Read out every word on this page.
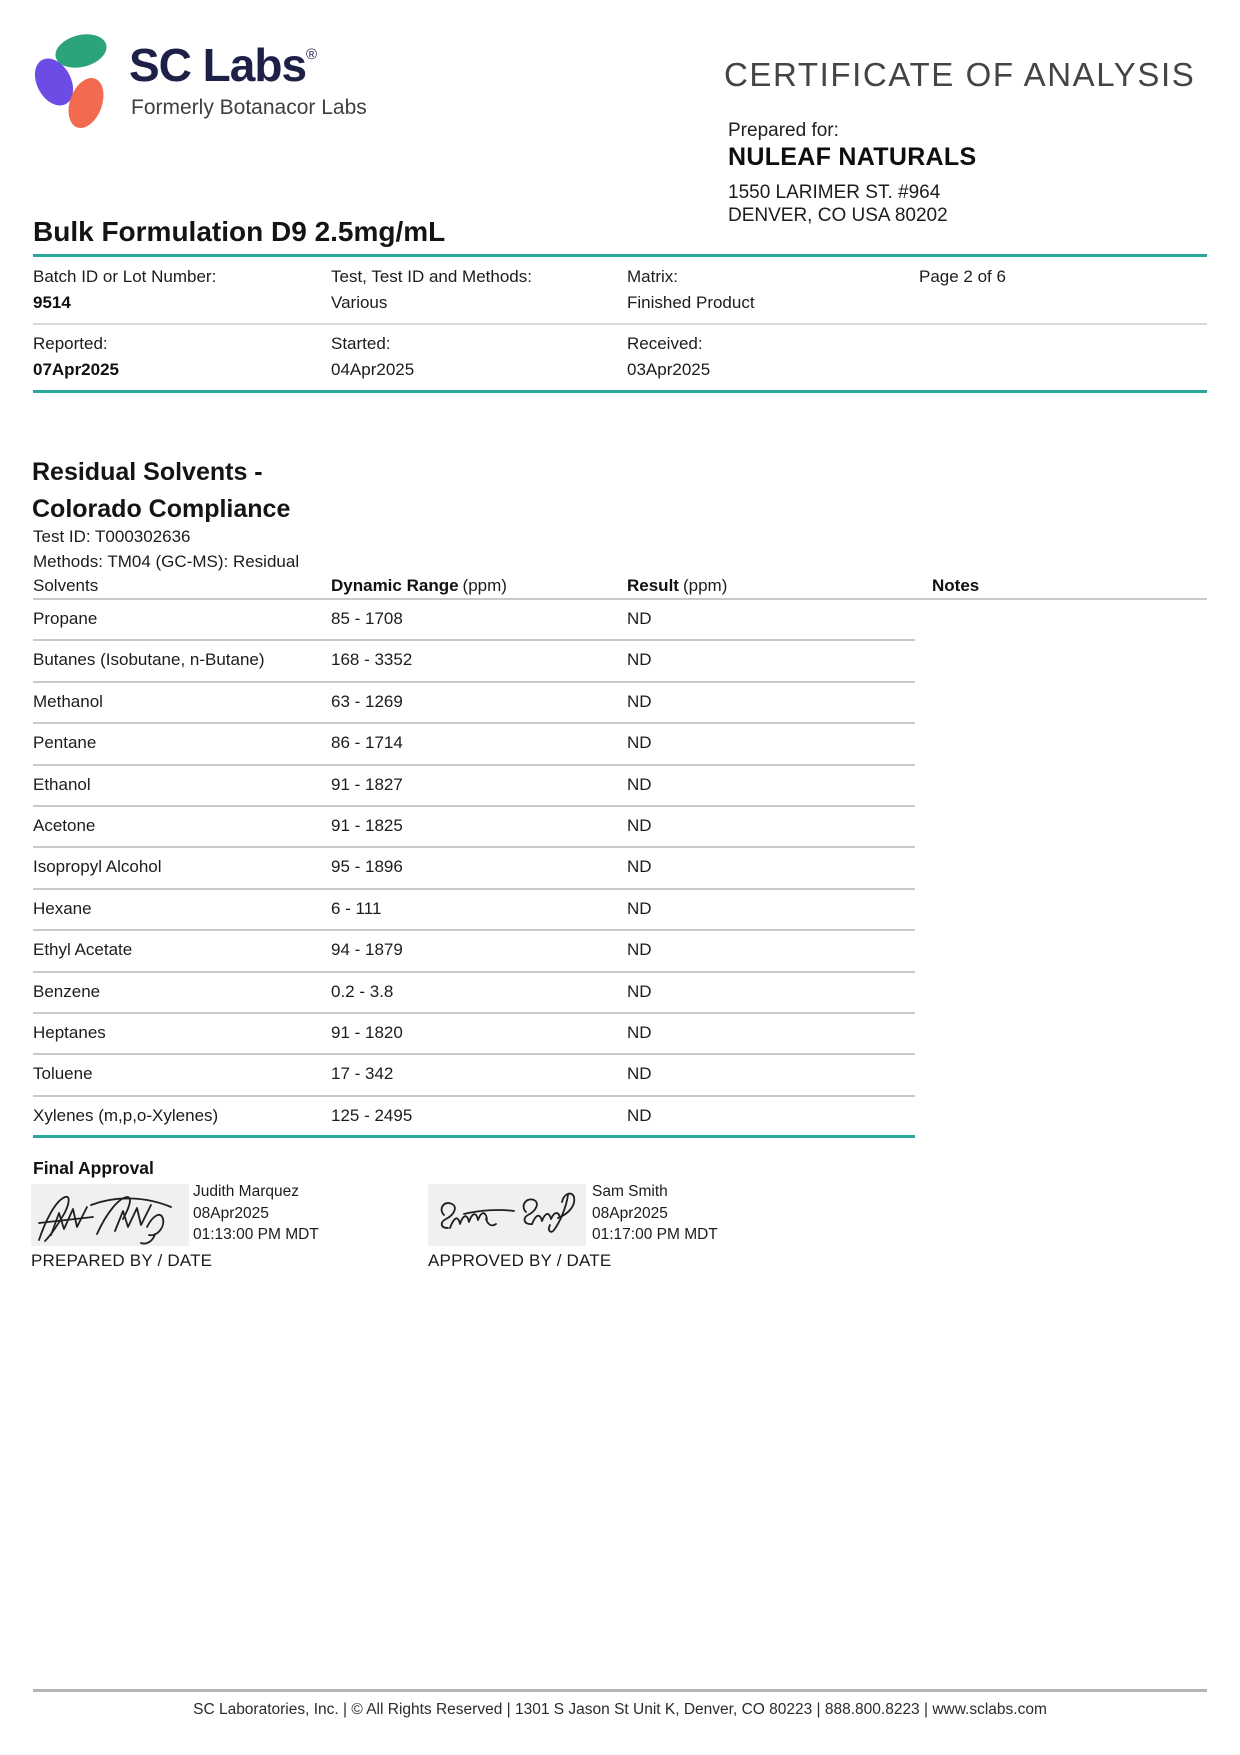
SC Labs®
Formerly Botanacor Labs
CERTIFICATE OF ANALYSIS
Prepared for:
NULEAF NATURALS
1550 LARIMER ST. #964
DENVER, CO USA 80202
Bulk Formulation D9 2.5mg/mL
Batch ID or Lot Number:
9514
Test, Test ID and Methods:
Various
Matrix:
Finished Product
Page 2 of 6
Reported:
07Apr2025
Started:
04Apr2025
Received:
03Apr2025
Residual Solvents -
Colorado Compliance
Test ID: T000302636
Methods: TM04 (GC-MS): Residual
Solvents	Dynamic Range (ppm)	Result (ppm)	Notes
Propane	85 - 1708	ND
Butanes (Isobutane, n-Butane)	168 - 3352	ND
Methanol	63 - 1269	ND
Pentane	86 - 1714	ND
Ethanol	91 - 1827	ND
Acetone	91 - 1825	ND
Isopropyl Alcohol	95 - 1896	ND
Hexane	6 - 111	ND
Ethyl Acetate	94 - 1879	ND
Benzene	0.2 - 3.8	ND
Heptanes	91 - 1820	ND
Toluene	17 - 342	ND
Xylenes (m,p,o-Xylenes)	125 - 2495	ND
Final Approval
Judith Marquez
08Apr2025
01:13:00 PM MDT
PREPARED BY / DATE
Sam Smith
08Apr2025
01:17:00 PM MDT
APPROVED BY / DATE
SC Laboratories, Inc. | © All Rights Reserved | 1301 S Jason St Unit K, Denver, CO 80223 | 888.800.8223 | www.sclabs.com
